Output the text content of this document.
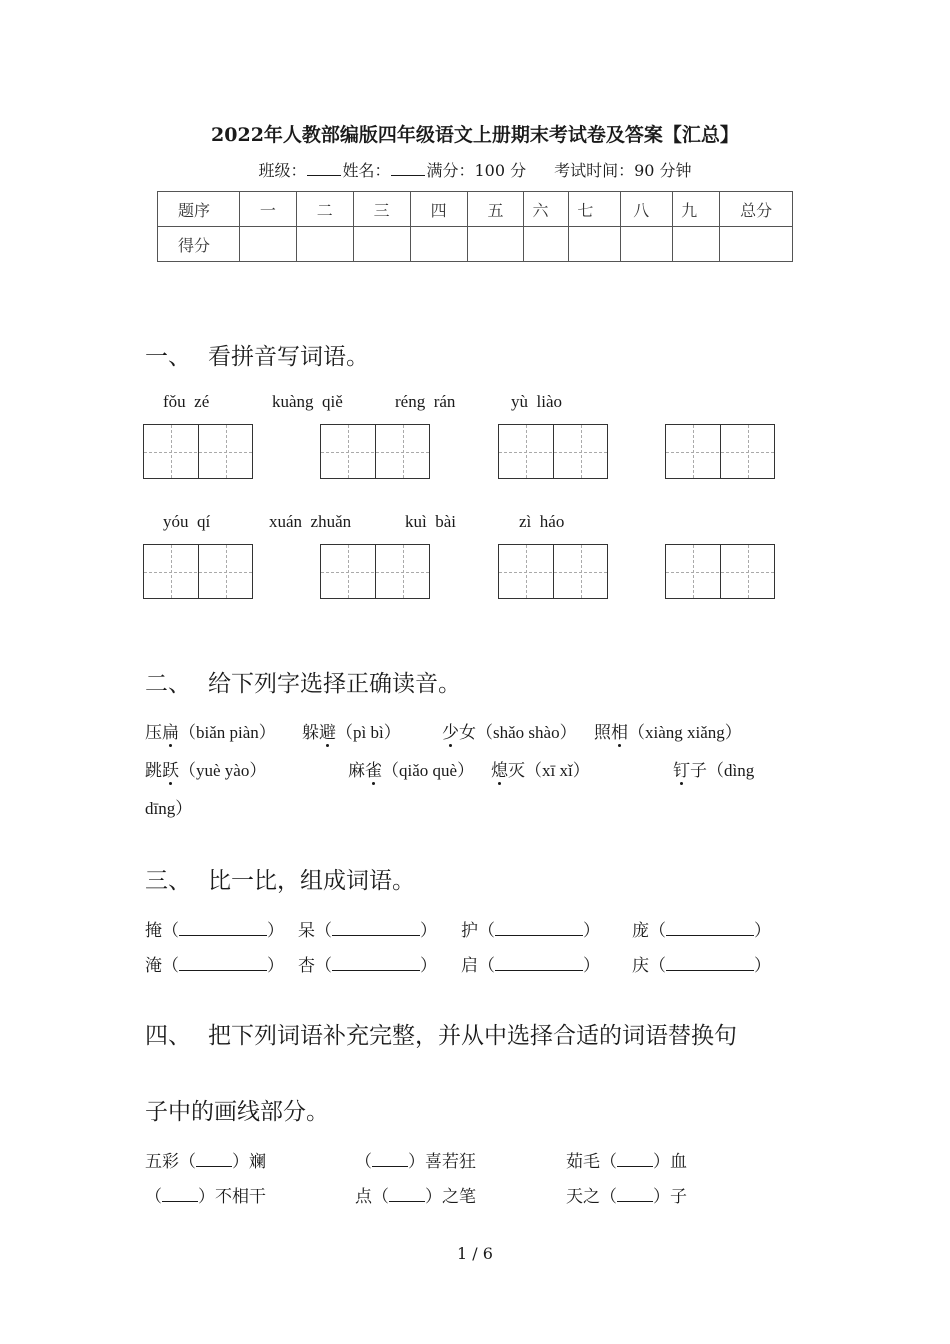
2022年人教部编版四年级语文上册期末考试卷及答案【汇总】
班级： 姓名： 满分：100 分 考试时间：90 分钟
题序	一	二	三	四	五	六	七	八	九	总分
得分										
一、 看拼音写词语。
fǒu  zé	kuàng  qiě	réng  rán	yù  liào
yóu  qí	xuán  zhuǎn	kuì  bài	zì  háo
二、 给下列字选择正确读音。
压扁（biǎn piàn） 躲避（pì bì） 少女（shǎo shào） 照相（xiàng xiǎng）
跳跃（yuè yào）	麻雀（qiǎo què） 熄灭（xī xǐ）	钉子（dìng
dīng）
三、 比一比，组成词语。
掩（	） 呆（	） 护（	） 庞（	）
淹（	） 杏（	） 启（	） 庆（	）
四、 把下列词语补充完整，并从中选择合适的词语替换句
子中的画线部分。
五彩（ ）斓	（ ）喜若狂	茹毛（ ）血
（ ）不相干	点（ ）之笔	天之（ ）子
1 / 6
